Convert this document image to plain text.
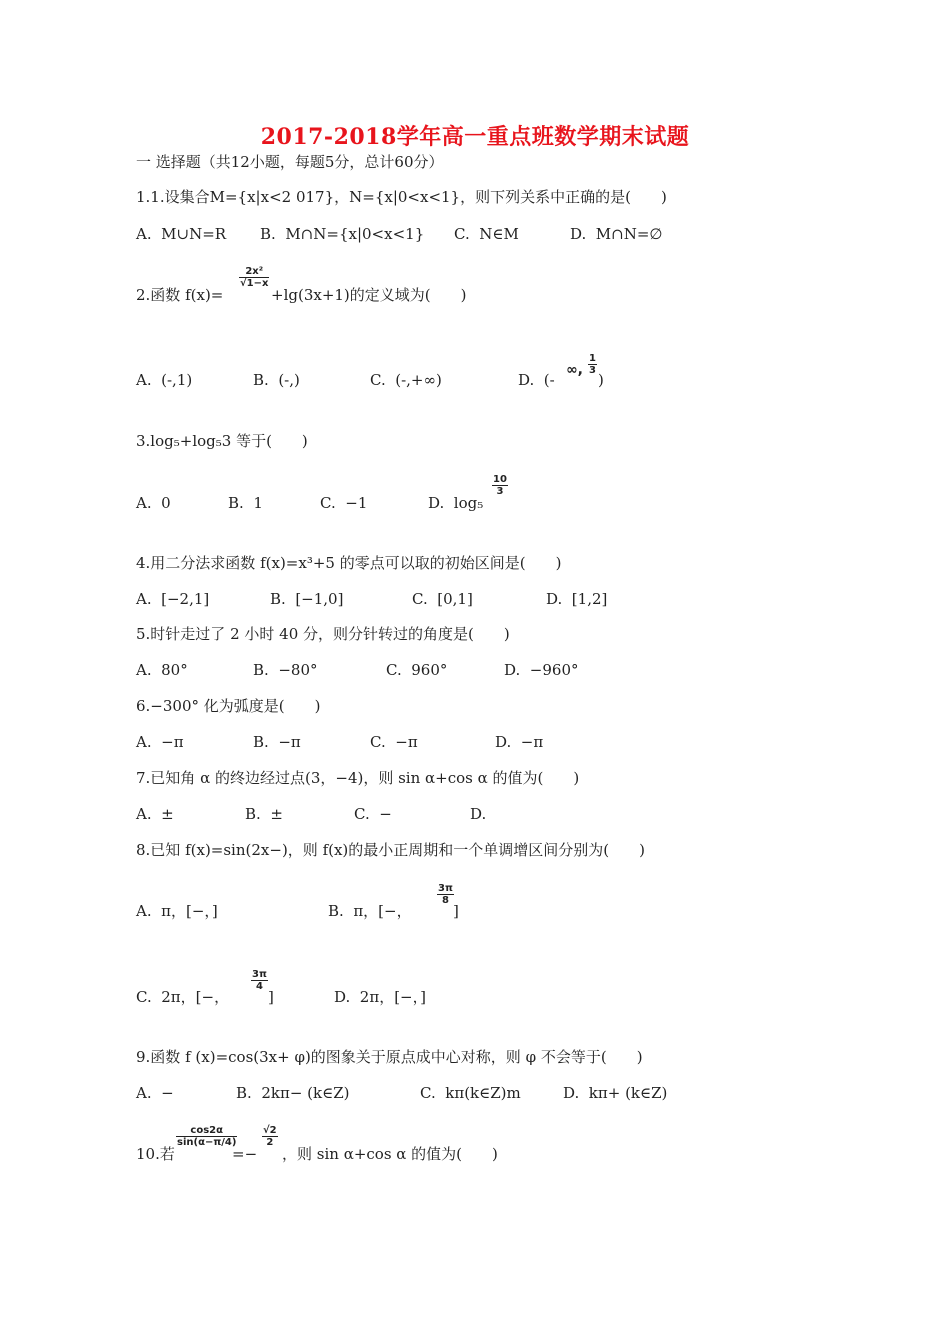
2017-2018学年高一重点班数学期末试题
一 选择题（共12小题，每题5分，总计60分）
1.1.设集合M={x|x<2 017}，N={x|0<x<1}，则下列关系中正确的是(　　)
A.  M∪N=R B.  M∩N={x|0<x<1} C.  N∈M	D.  M∩N=∅
2.函数 f(x)=
$\frac{\text{2x²}}{√1-x}$
+lg(3x+1)的定义域为(　　)
A.  (-,1)	B.  (-,)	C.  (-,+∞)	D.  (-
∞, $\frac{1}{3}$
)
3.log₅+log₅3 等于(　　)
A.  0	B.  1	C.  −1	D.  log₅
$\frac{10}{3}$
4.用二分法求函数 f(x)=x³+5 的零点可以取的初始区间是(　　)
A.  [−2,1]	B.  [−1,0]	C.  [0,1]	D.  [1,2]
5.时针走过了 2 小时 40 分，则分针转过的角度是(　　)
A.  80°	B.  −80°	C.  960°	D.  −960°
6.−300° 化为弧度是(　　)
A.  −π	B.  −π	C.  −π	D.  −π
7.已知角 α 的终边经过点(3，−4)，则 sin α+cos α 的值为(　　)
A.  ±	B.  ±	C.  −	D.
8.已知 f(x)=sin(2x−)，则 f(x)的最小正周期和一个单调增区间分别为(　　)
A.  π，[−，]	B.  π，[−，
$\frac{3\pi}{8}$
]
C.  2π，[−，
$\frac{3\pi}{4}$
]	D.  2π，[−，]
9.函数 f (x)=cos(3x+ φ)的图象关于原点成中心对称，则 φ 不会等于(　　)
A.  −	B.  2kπ− (k∈Z)	C.  kπ(k∈Z)m	D.  kπ+ (k∈Z)
10.若
$\frac{\cos 2\alpha}{\sin(\alpha-\pi/4)}$
=−
$\frac{√2}{2}$
，则 sin α+cos α 的值为(　　)
